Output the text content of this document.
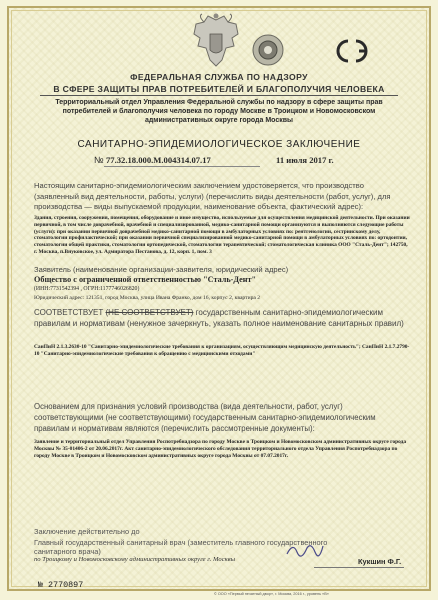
ФЕДЕРАЛЬНАЯ СЛУЖБА ПО НАДЗОРУ
В СФЕРЕ ЗАЩИТЫ ПРАВ ПОТРЕБИТЕЛЕЙ И БЛАГОПОЛУЧИЯ ЧЕЛОВЕКА
Территориальный отдел Управления Федеральной службы по надзору в сфере защиты прав потребителей и благополучия человека по городу Москве в Троицком и Новомосковском административных округе города Москвы
САНИТАРНО-ЭПИДЕМИОЛОГИЧЕСКОЕ ЗАКЛЮЧЕНИЕ
№ 77.32.18.000.М.004314.07.17	11 июля 2017 г.
Настоящим санитарно-эпидемиологическим заключением удостоверяется, что производство (заявленный вид деятельности, работы, услуги) (перечислить виды деятельности (работ, услуг), для производства — виды выпускаемой продукции, наименование объекта, фактический адрес):
Здания, строения, сооружения, помещения, оборудование и иное имущество, используемые для осуществления медицинской деятельности. При оказании первичной, в том числе доврачебной, врачебной и специализированной, медико-санитарной помощи организуются и выполняются следующие работы (услуги): при оказании первичной доврачебной медико-санитарной помощи в амбулаторных условиях по: рентгенологии, сестринскому делу, стоматологии профилактической; при оказании первичной специализированной медико-санитарной помощи в амбулаторных условиях по: ортодонтии, стоматологии общей практики, стоматологии ортопедической, стоматологии терапевтической; стоматологическая клиника ООО "Сталь-Дент"; 142750, г. Москва, п.Внуковское, ул. Адмиратора Пестанова, д. 12, корп. 1, пом. 3
Заявитель (наименование организации-заявителя, юридический адрес)
Общество с ограниченной ответственностью "Сталь-Дент"
(ИНН:7731542394 , ОГРН:1177746026820)
Юридический адрес: 121351, город Москва, улица Ивана Франко, дом 16, корпус 2, квартира 2
СООТВЕТСТВУЕТ (НЕ СООТВЕТСТВУЕТ) государственным санитарно-эпидемиологическим правилам и нормативам (ненужное зачеркнуть, указать полное наименование санитарных правил)
СанПиН 2.1.3.2630-10 "Санитарно-эпидемиологические требования к организациям, осуществляющим медицинскую деятельность"; СанПиН 2.1.7.2790-10 "Санитарно-эпидемиологические требования к обращению с медицинскими отходами"
Основанием для признания условий производства (вида деятельности, работ, услуг) соответствующими (не соответствующими) государственным санитарно-эпидемиологическим правилам и нормативам являются (перечислить рассмотренные документы):
Заявление и территориальный отдел Управления Роспотребнадзора по городу Москве в Троицком и Новомосковском административных округе города Москвы № 35-01406-2 от 20.06.2017г. Акт санитарно-эпидемиологического обследования территориального отдела Управления Роспотребнадзора по городу Москве в Троицком и Новомосковском административных округе города Москвы от 07.07.2017г.
Заключение действительно до
Главный государственный санитарный врач (заместитель главного государственного санитарного врача)
по Троицкому и Новомосковскому административных округе г. Москвы	Кукшин Ф.Г.
№ 2770897
© ООО «Первый печатный двор», г. Москва, 2016 г., уровень «В»
